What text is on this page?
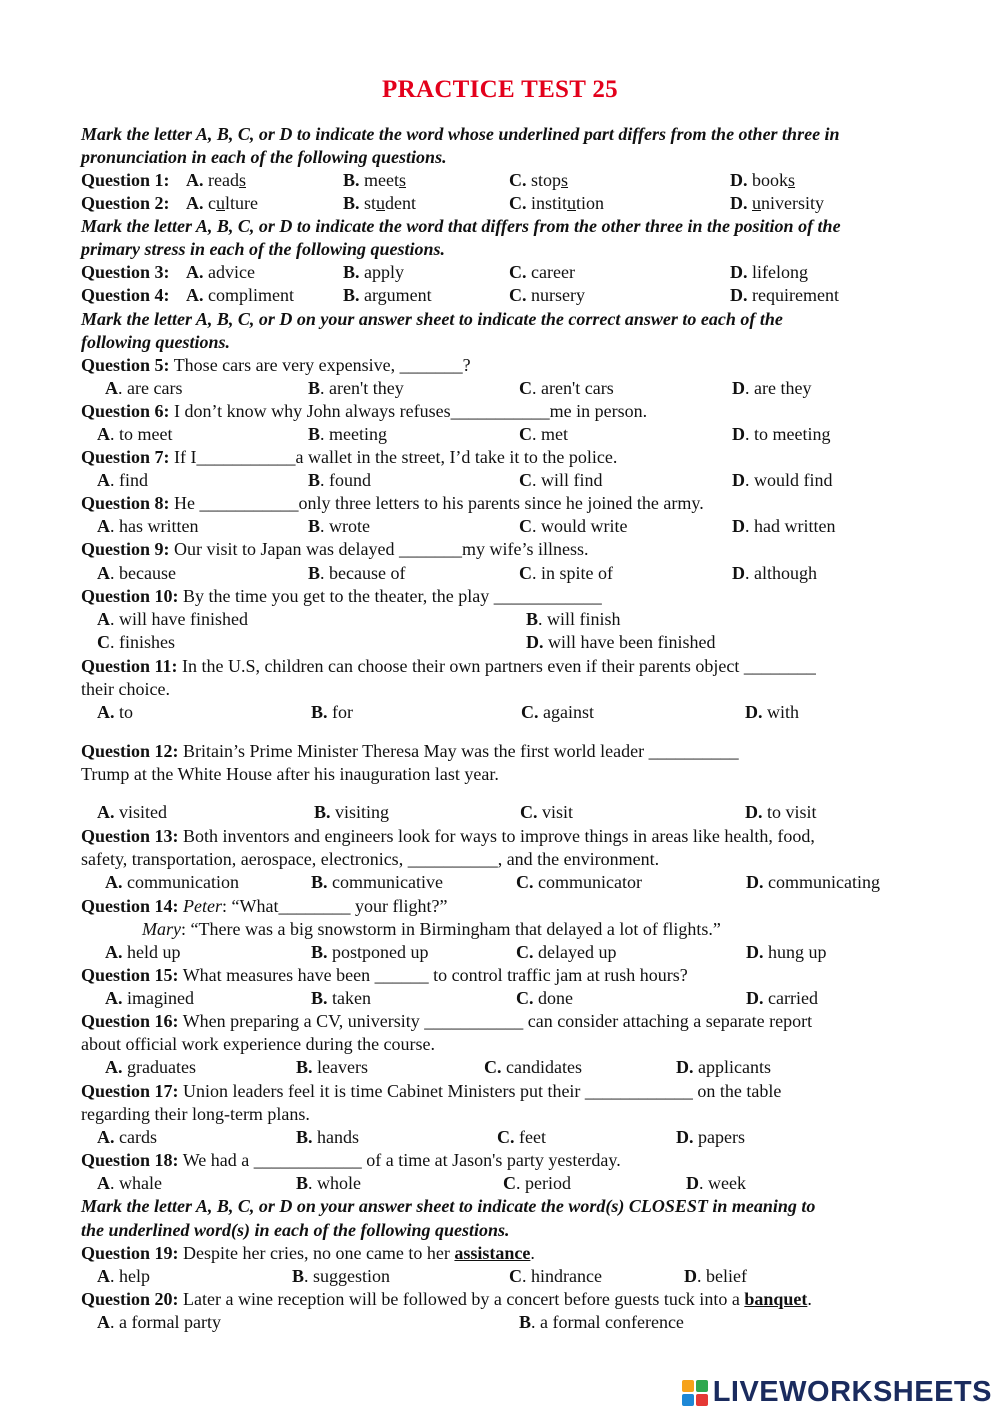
PRACTICE TEST 25
Mark the letter A, B, C, or D to indicate the word whose underlined part differs from the other three in
pronunciation in each of the following questions.
Question 1: A. reads	B. meets	C. stops	D. books
Question 2: A. culture	B. student	C. institution	D. university
Mark the letter A, B, C, or D to indicate the word that differs from the other three in the position of the
primary stress in each of the following questions.
Question 3: A. advice	B. apply	C. career	D. lifelong
Question 4: A. compliment	B. argument	C. nursery	D. requirement
Mark the letter A, B, C, or D on your answer sheet to indicate the correct answer to each of the
following questions.
Question 5: Those cars are very expensive, _______?
A. are cars	B. aren't they	C. aren't cars	D. are they
Question 6: I don’t know why John always refuses___________me in person.
A. to meet	B. meeting	C. met	D. to meeting
Question 7: If I___________a wallet in the street, I’d take it to the police.
A. find	B. found	C. will find	D. would find
Question 8: He ___________only three letters to his parents since he joined the army.
A. has written	B. wrote	C. would write	D. had written
Question 9: Our visit to Japan was delayed _______my wife’s illness.
A. because	B. because of	C. in spite of	D. although
Question 10: By the time you get to the theater, the play ____________
A. will have finished	B. will finish
C. finishes	D. will have been finished
Question 11: In the U.S, children can choose their own partners even if their parents object ________
their choice.
A. to	B. for	C. against	D. with
Question 12: Britain’s Prime Minister Theresa May was the first world leader __________
Trump at the White House after his inauguration last year.
A. visited	B. visiting	C. visit	D. to visit
Question 13: Both inventors and engineers look for ways to improve things in areas like health, food,
safety, transportation, aerospace, electronics, __________, and the environment.
A. communication	B. communicative	C. communicator	D. communicating
Question 14: Peter: “What________ your flight?”
Mary: “There was a big snowstorm in Birmingham that delayed a lot of flights.”
A. held up	B. postponed up	C. delayed up	D. hung up
Question 15: What measures have been ______ to control traffic jam at rush hours?
A. imagined	B. taken	C. done	D. carried
Question 16: When preparing a CV, university ___________ can consider attaching a separate report
about official work experience during the course.
A. graduates	B. leavers	C. candidates	D. applicants
Question 17: Union leaders feel it is time Cabinet Ministers put their ____________ on the table
regarding their long-term plans.
A. cards	B. hands	C. feet	D. papers
Question 18: We had a ____________ of a time at Jason's party yesterday.
A. whale	B. whole	C. period	D. week
Mark the letter A, B, C, or D on your answer sheet to indicate the word(s) CLOSEST in meaning to
the underlined word(s) in each of the following questions.
Question 19: Despite her cries, no one came to her assistance.
A. help	B. suggestion	C. hindrance	D. belief
Question 20: Later a wine reception will be followed by a concert before guests tuck into a banquet.
A. a formal party	B. a formal conference
LIVEWORKSHEETS
